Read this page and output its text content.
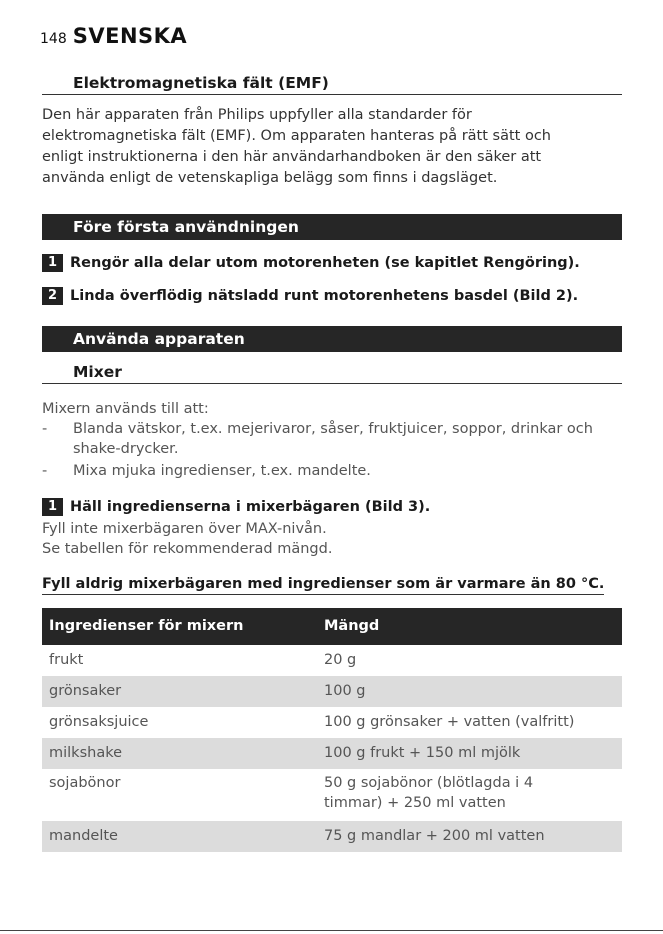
148 SVENSKA
Elektromagnetiska fält (EMF)
Den här apparaten från Philips uppfyller alla standarder för
elektromagnetiska fält (EMF). Om apparaten hanteras på rätt sätt och
enligt instruktionerna i den här användarhandboken är den säker att
använda enligt de vetenskapliga belägg som finns i dagsläget.
Före första användningen
1 Rengör alla delar utom motorenheten (se kapitlet Rengöring).
2 Linda överflödig nätsladd runt motorenhetens basdel (Bild 2).
Använda apparaten
Mixer
Mixern används till att:
- Blanda vätskor, t.ex. mejerivaror, såser, fruktjuicer, soppor, drinkar och
shake-drycker.
- Mixa mjuka ingredienser, t.ex. mandelte.
1 Häll ingredienserna i mixerbägaren (Bild 3).
Fyll inte mixerbägaren över MAX-nivån.
Se tabellen för rekommenderad mängd.
Fyll aldrig mixerbägaren med ingredienser som är varmare än 80 °C.
Ingredienser för mixern	Mängd
frukt	20 g
grönsaker	100 g
grönsaksjuice	100 g grönsaker + vatten (valfritt)
milkshake	100 g frukt + 150 ml mjölk
sojabönor	50 g sojabönor (blötlagda i 4
timmar) + 250 ml vatten
mandelte	75 g mandlar + 200 ml vatten
